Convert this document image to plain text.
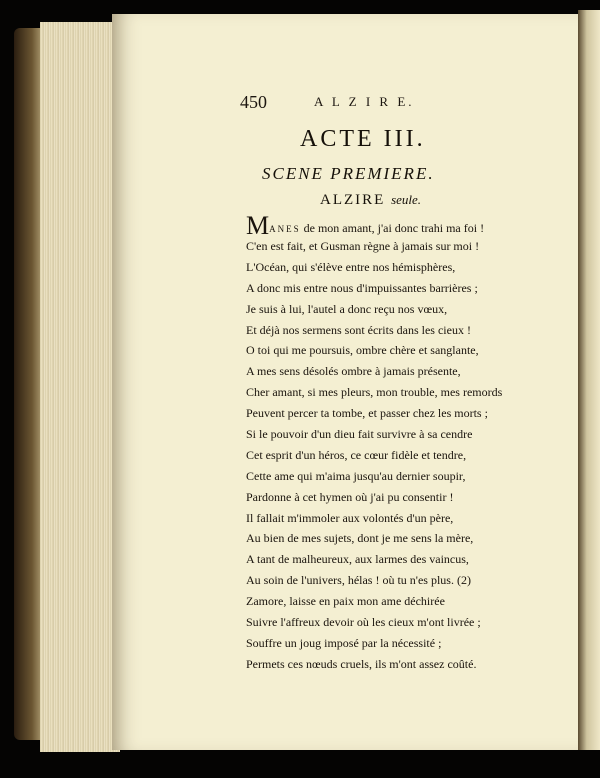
450	A L Z I R E.
ACTE III.
SCENE PREMIERE.
ALZIRE seule.
MANES de mon amant, j'ai donc trahi ma foi !
C'en est fait, et Gusman règne à jamais sur moi !
L'Océan, qui s'élève entre nos hémisphères,
A donc mis entre nous d'impuissantes barrières ;
Je suis à lui, l'autel a donc reçu nos vœux,
Et déjà nos sermens sont écrits dans les cieux !
O toi qui me poursuis, ombre chère et sanglante,
A mes sens désolés ombre à jamais présente,
Cher amant, si mes pleurs, mon trouble, mes remords
Peuvent percer ta tombe, et passer chez les morts ;
Si le pouvoir d'un dieu fait survivre à sa cendre
Cet esprit d'un héros, ce cœur fidèle et tendre,
Cette ame qui m'aima jusqu'au dernier soupir,
Pardonne à cet hymen où j'ai pu consentir !
Il fallait m'immoler aux volontés d'un père,
Au bien de mes sujets, dont je me sens la mère,
A tant de malheureux, aux larmes des vaincus,
Au soin de l'univers, hélas ! où tu n'es plus. (2)
Zamore, laisse en paix mon ame déchirée
Suivre l'affreux devoir où les cieux m'ont livrée ;
Souffre un joug imposé par la nécessité ;
Permets ces nœuds cruels, ils m'ont assez coûté.
